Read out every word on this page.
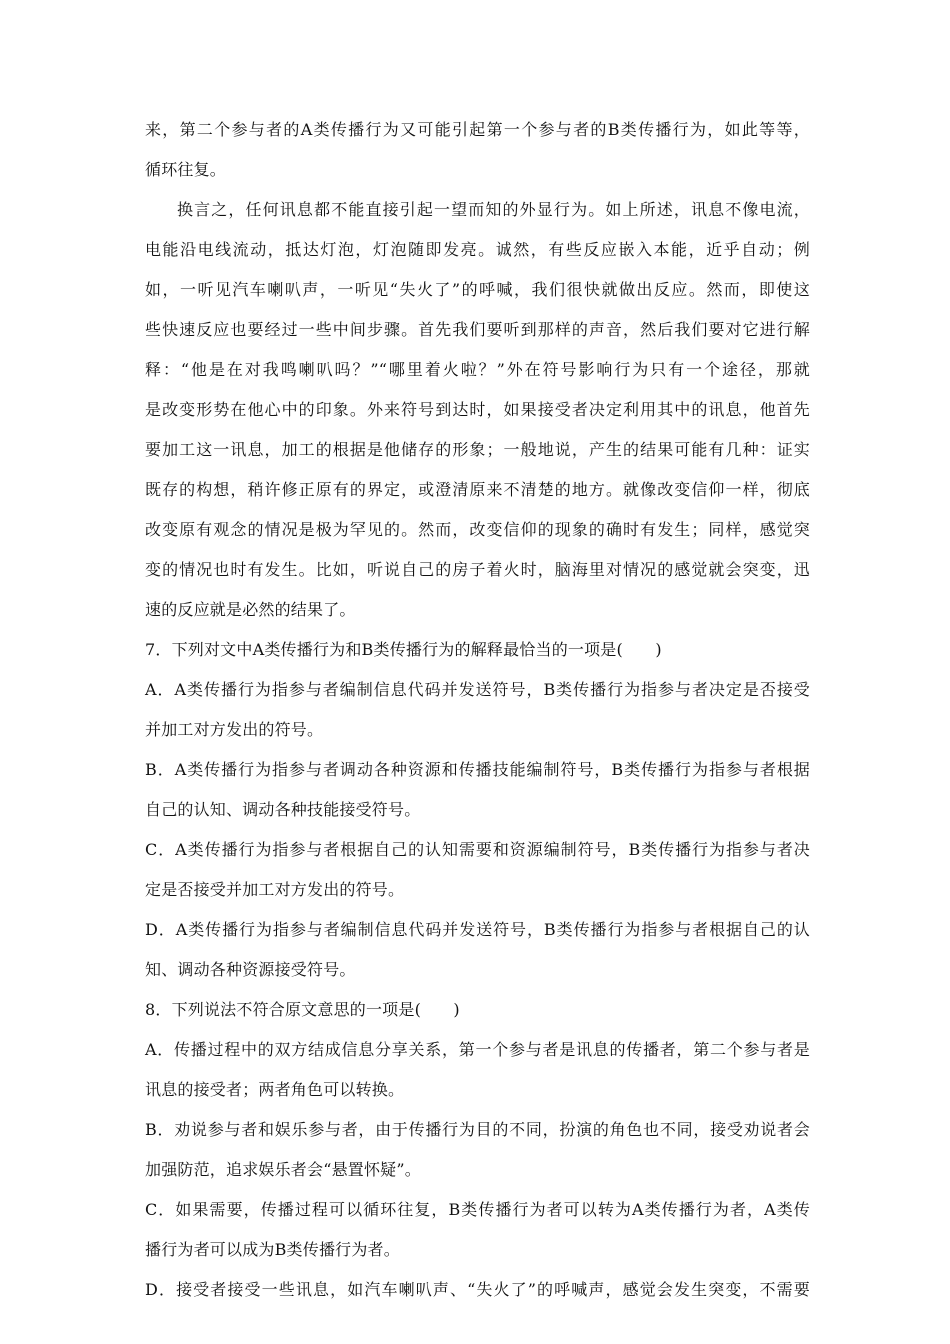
来，第二个参与者的A类传播行为又可能引起第一个参与者的B类传播行为，如此等等，
循环往复。
换言之，任何讯息都不能直接引起一望而知的外显行为。如上所述，讯息不像电流，
电能沿电线流动，抵达灯泡，灯泡随即发亮。诚然，有些反应嵌入本能，近乎自动；例
如，一听见汽车喇叭声，一听见“失火了”的呼喊，我们很快就做出反应。然而，即使这
些快速反应也要经过一些中间步骤。首先我们要听到那样的声音，然后我们要对它进行解
释：“他是在对我鸣喇叭吗？”“哪里着火啦？”外在符号影响行为只有一个途径，那就
是改变形势在他心中的印象。外来符号到达时，如果接受者决定利用其中的讯息，他首先
要加工这一讯息，加工的根据是他储存的形象；一般地说，产生的结果可能有几种：证实
既存的构想，稍许修正原有的界定，或澄清原来不清楚的地方。就像改变信仰一样，彻底
改变原有观念的情况是极为罕见的。然而，改变信仰的现象的确时有发生；同样，感觉突
变的情况也时有发生。比如，听说自己的房子着火时，脑海里对情况的感觉就会突变，迅
速的反应就是必然的结果了。
7．下列对文中A类传播行为和B类传播行为的解释最恰当的一项是(　　)
A．A类传播行为指参与者编制信息代码并发送符号，B类传播行为指参与者决定是否接受
并加工对方发出的符号。
B．A类传播行为指参与者调动各种资源和传播技能编制符号，B类传播行为指参与者根据
自己的认知、调动各种技能接受符号。
C．A类传播行为指参与者根据自己的认知需要和资源编制符号，B类传播行为指参与者决
定是否接受并加工对方发出的符号。
D．A类传播行为指参与者编制信息代码并发送符号，B类传播行为指参与者根据自己的认
知、调动各种资源接受符号。
8．下列说法不符合原文意思的一项是(　　)
A．传播过程中的双方结成信息分享关系，第一个参与者是讯息的传播者，第二个参与者是
讯息的接受者；两者角色可以转换。
B．劝说参与者和娱乐参与者，由于传播行为目的不同，扮演的角色也不同，接受劝说者会
加强防范，追求娱乐者会“悬置怀疑”。
C．如果需要，传播过程可以循环往复，B类传播行为者可以转为A类传播行为者，A类传
播行为者可以成为B类传播行为者。
D．接受者接受一些讯息，如汽车喇叭声、“失火了”的呼喊声，感觉会发生突变，不需要
